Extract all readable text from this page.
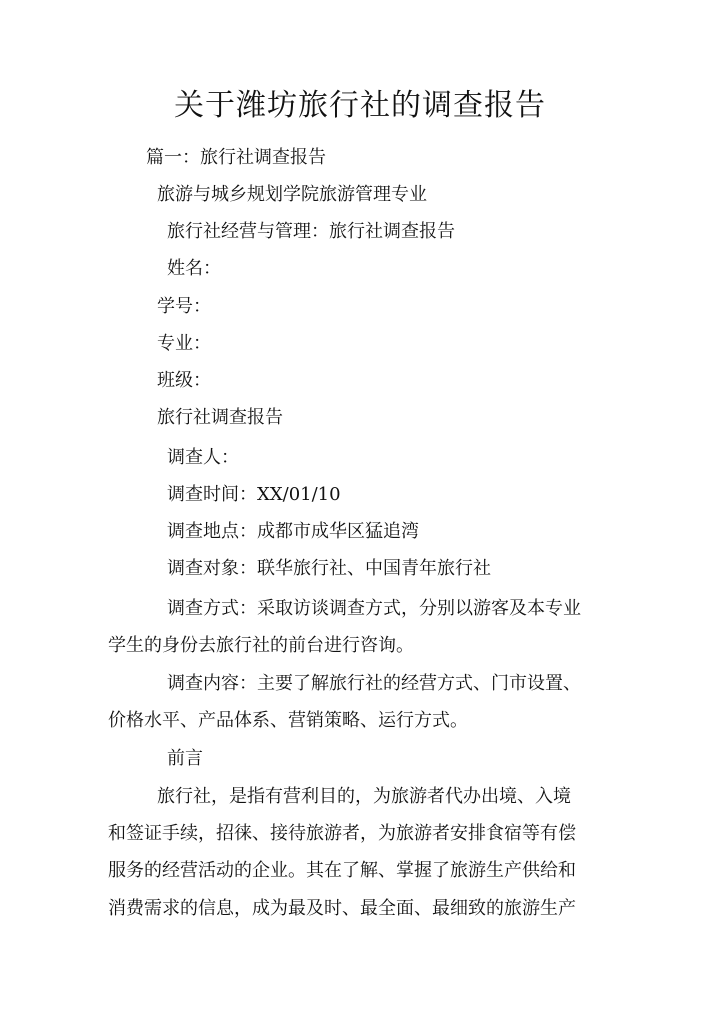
关于潍坊旅行社的调查报告
篇一：旅行社调查报告
旅游与城乡规划学院旅游管理专业
旅行社经营与管理：旅行社调查报告
姓名：
学号：
专业：
班级：
旅行社调查报告
调查人：
调查时间：XX/01/10
调查地点：成都市成华区猛追湾
调查对象：联华旅行社、中国青年旅行社
调查方式：采取访谈调查方式，分别以游客及本专业
学生的身份去旅行社的前台进行咨询。
调查内容：主要了解旅行社的经营方式、门市设置、
价格水平、产品体系、营销策略、运行方式。
前言
旅行社，是指有营利目的，为旅游者代办出境、入境
和签证手续，招徕、接待旅游者，为旅游者安排食宿等有偿
服务的经营活动的企业。其在了解、掌握了旅游生产供给和
消费需求的信息，成为最及时、最全面、最细致的旅游生产
